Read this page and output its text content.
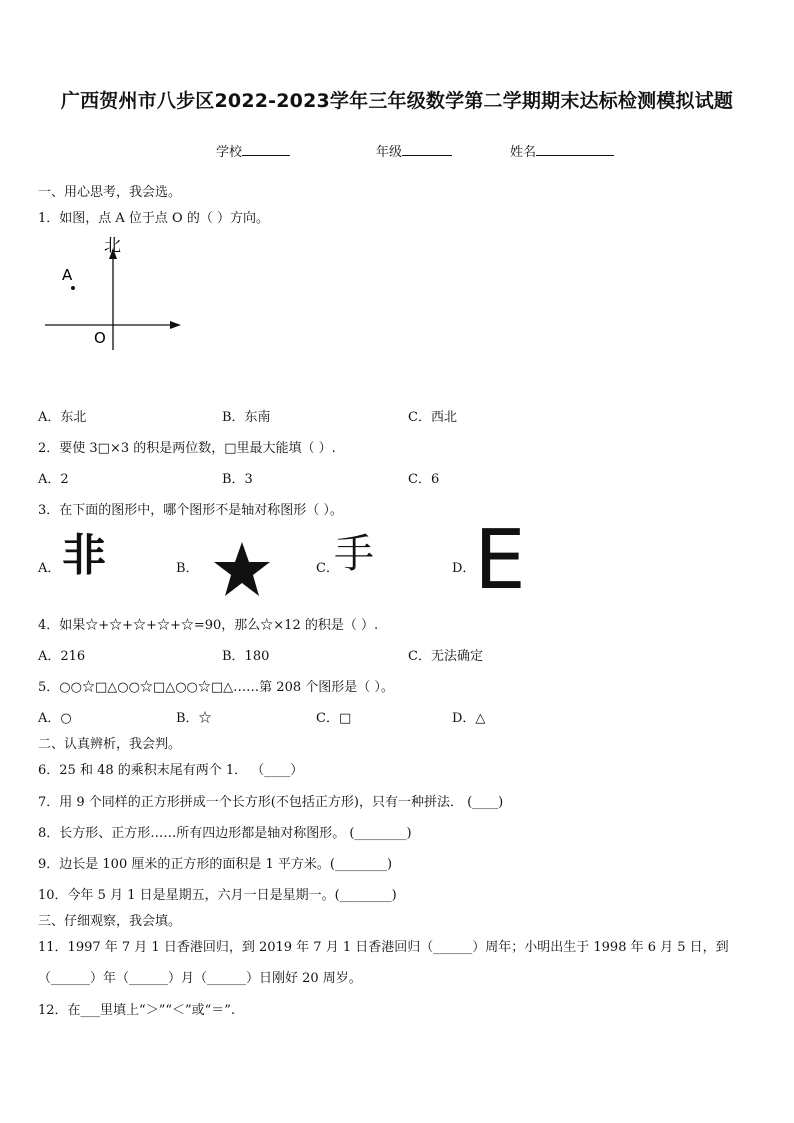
广西贺州市八步区2022-2023学年三年级数学第二学期期末达标检测模拟试题
学校	年级	姓名
一、用心思考，我会选。
1．如图，点 A 位于点 O 的（ ）方向。
北
A
O
A．东北	B．东南	C．西北
2．要使 3□×3 的积是两位数，□里最大能填（ ）.
A．2	B．3	C．6
3．在下面的图形中，哪个图形不是轴对称图形（ ）。
A． 非	B．	C．
手	D．
E
4．如果☆+☆+☆+☆+☆=90，那么☆×12 的积是（ ）.
A．216	B．180	C．无法确定
5．○○☆□△○○☆□△○○☆□△……第 208 个图形是（ ）。
A．○	B．☆	C．□	D．△
二、认真辨析，我会判。
6．25 和 48 的乘积末尾有两个 1． （____）
7．用 9 个同样的正方形拼成一个长方形(不包括正方形)，只有一种拼法． (____)
8．长方形、正方形……所有四边形都是轴对称图形。 (________)
9．边长是 100 厘米的正方形的面积是 1 平方米。(________)
10．今年 5 月 1 日是星期五，六月一日是星期一。(________)
三、仔细观察，我会填。
11．1997 年 7 月 1 日香港回归，到 2019 年 7 月 1 日香港回归（______）周年；小明出生于 1998 年 6 月 5 日，到
（______）年（______）月（______）日刚好 20 周岁。
12．在___里填上“＞”“＜”或“＝”.
